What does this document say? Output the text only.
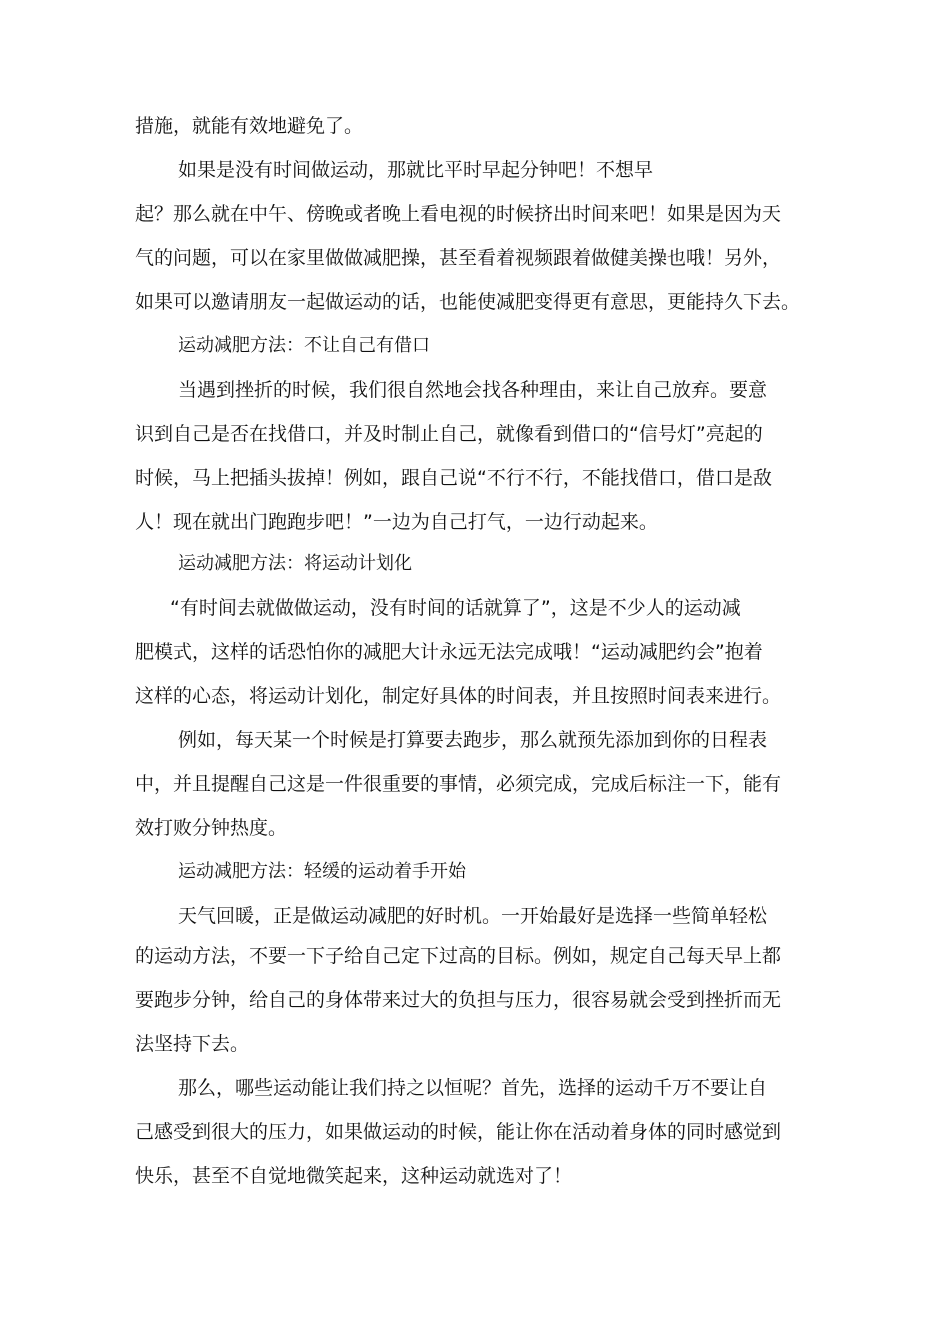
措施，就能有效地避免了。
如果是没有时间做运动，那就比平时早起分钟吧！不想早
起？那么就在中午、傍晚或者晚上看电视的时候挤出时间来吧！如果是因为天
气的问题，可以在家里做做减肥操，甚至看着视频跟着做健美操也哦！另外，
如果可以邀请朋友一起做运动的话，也能使减肥变得更有意思，更能持久下去。
运动减肥方法：不让自己有借口
当遇到挫折的时候，我们很自然地会找各种理由，来让自己放弃。要意
识到自己是否在找借口，并及时制止自己，就像看到借口的“信号灯”亮起的
时候，马上把插头拔掉！例如，跟自己说“不行不行，不能找借口，借口是敌
人！现在就出门跑跑步吧！”一边为自己打气，一边行动起来。
运动减肥方法：将运动计划化
“有时间去就做做运动，没有时间的话就算了”，这是不少人的运动减
肥模式，这样的话恐怕你的减肥大计永远无法完成哦！“运动减肥约会”抱着
这样的心态，将运动计划化，制定好具体的时间表，并且按照时间表来进行。
例如，每天某一个时候是打算要去跑步，那么就预先添加到你的日程表
中，并且提醒自己这是一件很重要的事情，必须完成，完成后标注一下，能有
效打败分钟热度。
运动减肥方法：轻缓的运动着手开始
天气回暖，正是做运动减肥的好时机。一开始最好是选择一些简单轻松
的运动方法，不要一下子给自己定下过高的目标。例如，规定自己每天早上都
要跑步分钟，给自己的身体带来过大的负担与压力，很容易就会受到挫折而无
法坚持下去。
那么，哪些运动能让我们持之以恒呢？首先，选择的运动千万不要让自
己感受到很大的压力，如果做运动的时候，能让你在活动着身体的同时感觉到
快乐，甚至不自觉地微笑起来，这种运动就选对了！
